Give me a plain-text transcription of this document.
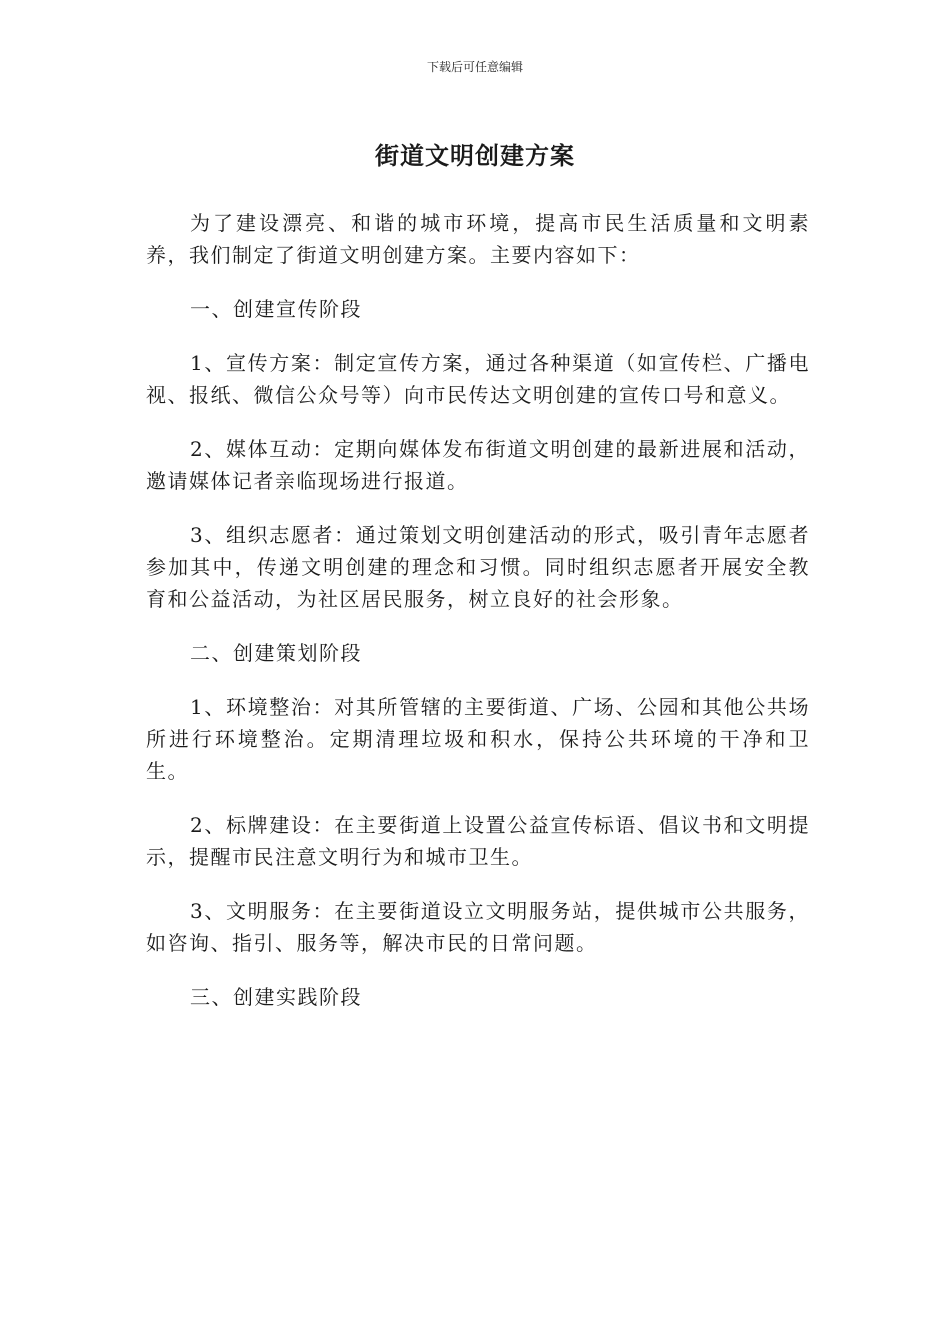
下载后可任意编辑
街道文明创建方案

为了建设漂亮、和谐的城市环境，提高市民生活质量和文明素养，我们制定了街道文明创建方案。主要内容如下：

一、创建宣传阶段

1、宣传方案：制定宣传方案，通过各种渠道（如宣传栏、广播电视、报纸、微信公众号等）向市民传达文明创建的宣传口号和意义。

2、媒体互动：定期向媒体发布街道文明创建的最新进展和活动，邀请媒体记者亲临现场进行报道。

3、组织志愿者：通过策划文明创建活动的形式，吸引青年志愿者参加其中，传递文明创建的理念和习惯。同时组织志愿者开展安全教育和公益活动，为社区居民服务，树立良好的社会形象。

二、创建策划阶段

1、环境整治：对其所管辖的主要街道、广场、公园和其他公共场所进行环境整治。定期清理垃圾和积水，保持公共环境的干净和卫生。

2、标牌建设：在主要街道上设置公益宣传标语、倡议书和文明提示，提醒市民注意文明行为和城市卫生。

3、文明服务：在主要街道设立文明服务站，提供城市公共服务，如咨询、指引、服务等，解决市民的日常问题。

三、创建实践阶段
